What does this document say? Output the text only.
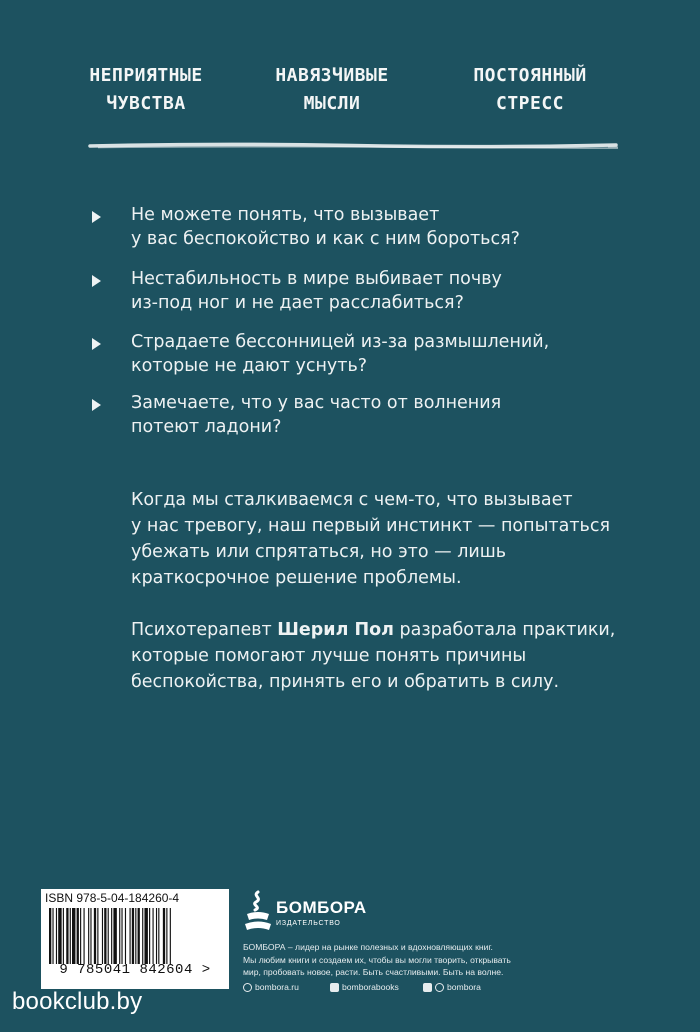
НЕПРИЯТНЫЕ
ЧУВСТВА
НАВЯЗЧИВЫЕ
МЫСЛИ
ПОСТОЯННЫЙ
СТРЕСС
Не можете понять, что вызывает
у вас беспокойство и как с ним бороться?
Нестабильность в мире выбивает почву
из-под ног и не дает расслабиться?
Страдаете бессонницей из-за размышлений,
которые не дают уснуть?
Замечаете, что у вас часто от волнения
потеют ладони?
Когда мы сталкиваемся с чем-то, что вызывает
у нас тревогу, наш первый инстинкт — попытаться
убежать или спрятаться, но это — лишь
краткосрочное решение проблемы.
Психотерапевт Шерил Пол разработала практики,
которые помогают лучше понять причины
беспокойства, принять его и обратить в силу.
ISBN 978-5-04-184260-4
9 785041 842604 >
БОМБОРА
ИЗДАТЕЛЬСТВО
БОМБОРА – лидер на рынке полезных и вдохновляющих книг.
Мы любим книги и создаем их, чтобы вы могли творить, открывать
мир, пробовать новое, расти. Быть счастливыми. Быть на волне.
bombora.ru	bomborabooks	bombora
bookclub.by
